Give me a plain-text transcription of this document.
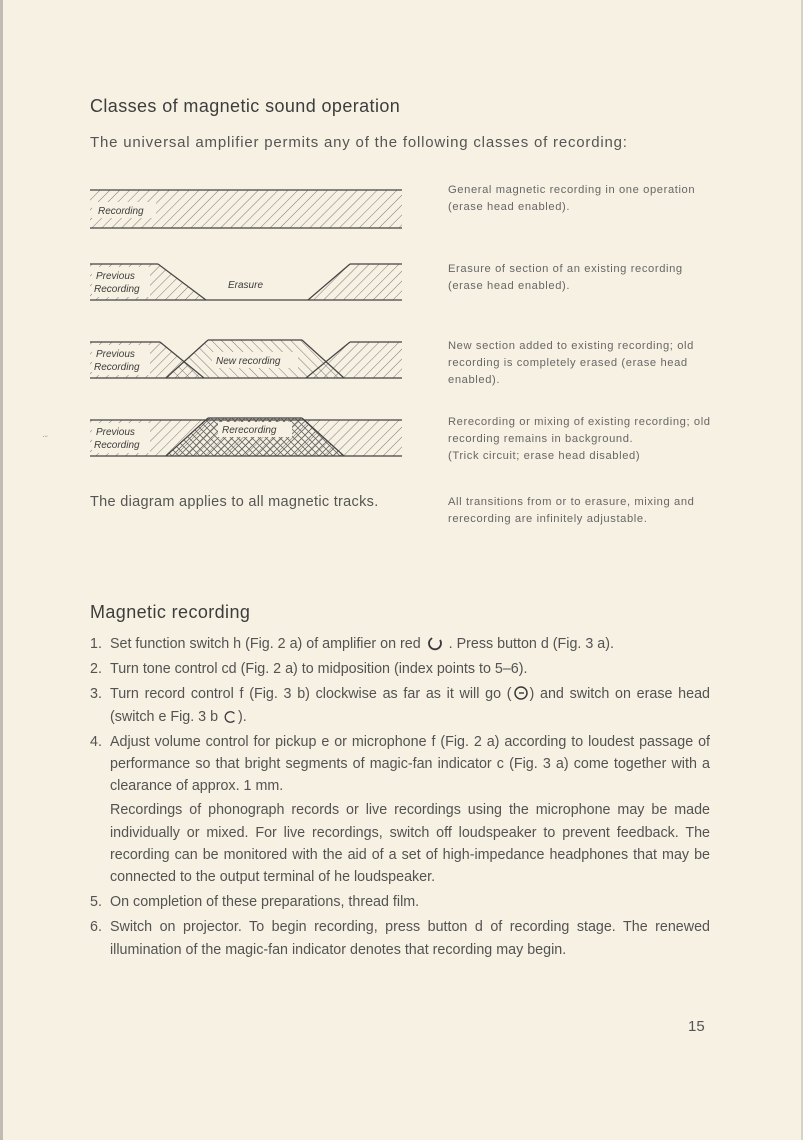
·ᵕ
Classes of magnetic sound operation
The universal amplifier permits any of the following classes of recording:
Recording

General magnetic recording in one operation (erase head enabled).

Previous
Recording	Erasure

Erasure of section of an existing recording (erase head enabled).

Previous
Recording
New recording

New section added to existing recording; old recording is completely erased (erase head enabled).

Previous
Recording
Rerecording

Rerecording or mixing of existing recording; old recording remains in background.

(Trick circuit; erase head disabled)

The diagram applies to all magnetic tracks.	All transitions from or to erasure, mixing and rerecording are infinitely adjustable.

Magnetic recording
1. Set function switch h (Fig. 2 a) of amplifier on red . Press button d (Fig. 3 a).
2. Turn tone control cd (Fig. 2 a) to midposition (index points to 5–6).
3. Turn record control f (Fig. 3 b) clockwise as far as it will go ( ) and switch on erase head (switch e Fig. 3 b ).
4. Adjust volume control for pickup e or microphone f (Fig. 2 a) according to loudest passage of performance so that bright segments of magic-fan indicator c (Fig. 3 a) come together with a clearance of approx. 1 mm.
Recordings of phonograph records or live recordings using the microphone may be made individually or mixed. For live recordings, switch off loudspeaker to prevent feedback. The recording can be monitored with the aid of a set of high-impedance headphones that may be connected to the output terminal of he loudspeaker.
5. On completion of these preparations, thread film.
6. Switch on projector. To begin recording, press button d of recording stage. The renewed illumination of the magic-fan indicator denotes that recording may begin.
15
